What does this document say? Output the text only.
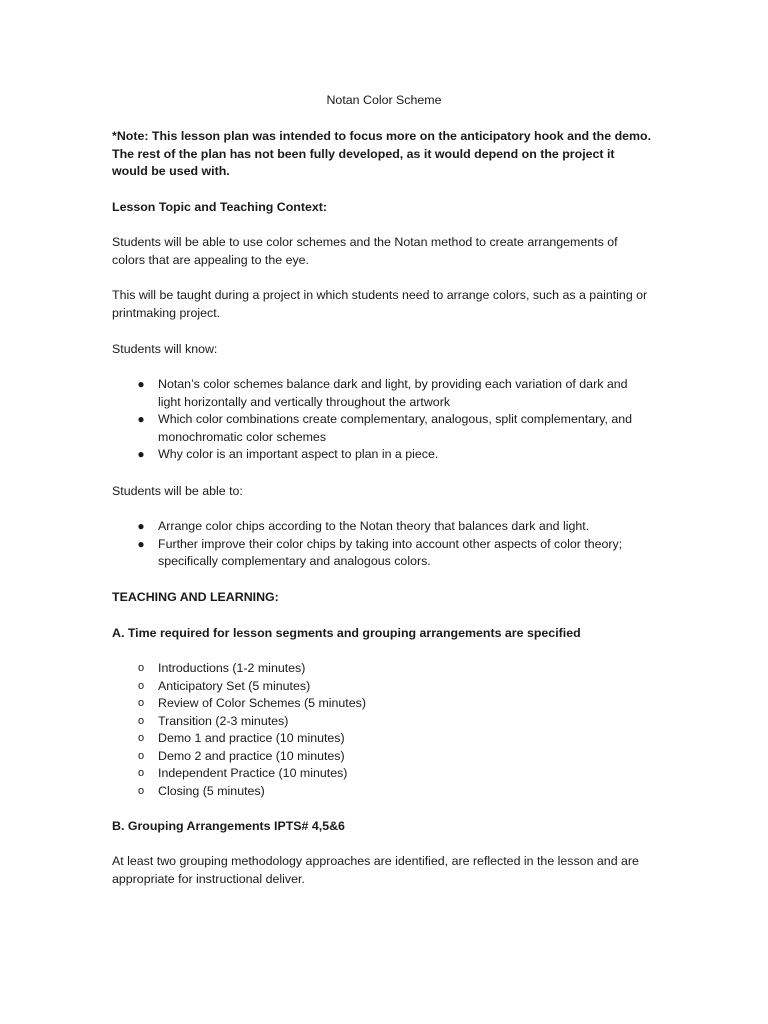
Notan Color Scheme
*Note: This lesson plan was intended to focus more on the anticipatory hook and the demo. The rest of the plan has not been fully developed, as it would depend on the project it would be used with.
Lesson Topic and Teaching Context:
Students will be able to use color schemes and the Notan method to create arrangements of colors that are appealing to the eye.
This will be taught during a project in which students need to arrange colors, such as a painting or printmaking project.
Students will know:
● Notan’s color schemes balance dark and light, by providing each variation of dark and light horizontally and vertically throughout the artwork
● Which color combinations create complementary, analogous, split complementary, and monochromatic color schemes
● Why color is an important aspect to plan in a piece.
Students will be able to:
● Arrange color chips according to the Notan theory that balances dark and light.
● Further improve their color chips by taking into account other aspects of color theory; specifically complementary and analogous colors.
TEACHING AND LEARNING:
A. Time required for lesson segments and grouping arrangements are specified
o	Introductions (1-2 minutes)
o	Anticipatory Set (5 minutes)
o	Review of Color Schemes (5 minutes)
o	Transition (2-3 minutes)
o	Demo 1 and practice (10 minutes)
o	Demo 2 and practice (10 minutes)
o	Independent Practice (10 minutes)
o	Closing (5 minutes)
B. Grouping Arrangements IPTS# 4,5&6
At least two grouping methodology approaches are identified, are reflected in the lesson and are appropriate for instructional deliver.
